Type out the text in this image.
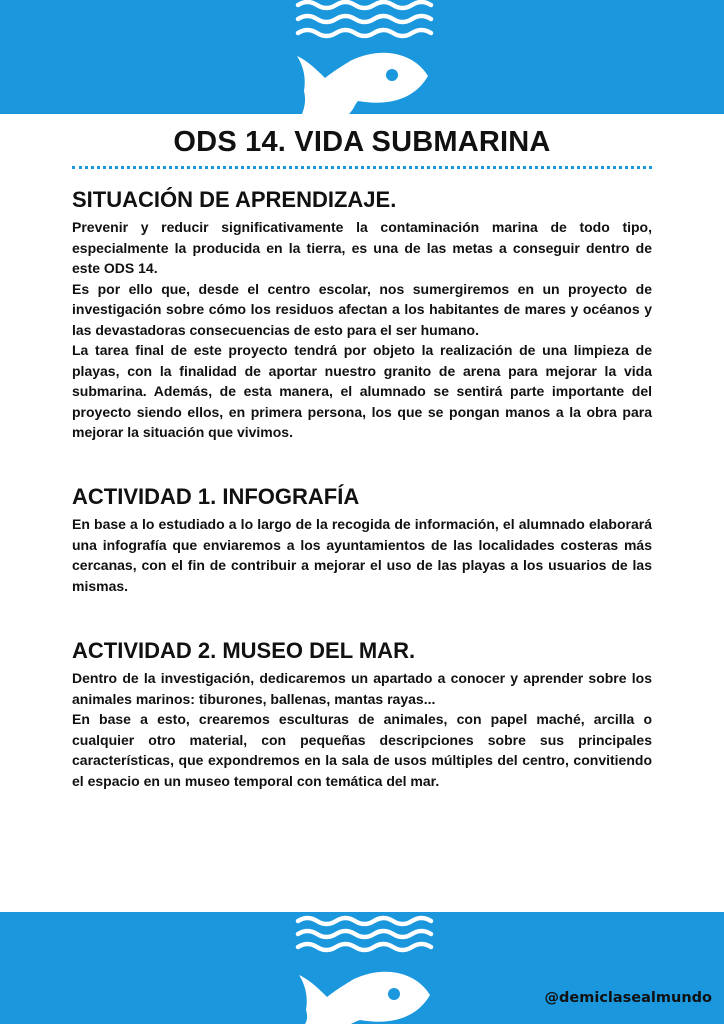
ODS 14. VIDA SUBMARINA
SITUACIÓN DE APRENDIZAJE.

Prevenir y reducir significativamente la contaminación marina de todo tipo, especialmente la producida en la tierra, es una de las metas a conseguir dentro de este ODS 14.

Es por ello que, desde el centro escolar, nos sumergiremos en un proyecto de investigación sobre cómo los residuos afectan a los habitantes de mares y océanos y las devastadoras consecuencias de esto para el ser humano.

La tarea final de este proyecto tendrá por objeto la realización de una limpieza de playas, con la finalidad de aportar nuestro granito de arena para mejorar la vida submarina. Además, de esta manera, el alumnado se sentirá parte importante del proyecto siendo ellos, en primera persona, los que se pongan manos a la obra para mejorar la situación que vivimos.

ACTIVIDAD 1. INFOGRAFÍA

En base a lo estudiado a lo largo de la recogida de información, el alumnado elaborará una infografía que enviaremos a los ayuntamientos de las localidades costeras más cercanas, con el fin de contribuir a mejorar el uso de las playas a los usuarios de las mismas.

ACTIVIDAD 2. MUSEO DEL MAR.

Dentro de la investigación, dedicaremos un apartado a conocer y aprender sobre los animales marinos: tiburones, ballenas, mantas rayas...

En base a esto, crearemos esculturas de animales, con papel maché, arcilla o cualquier otro material, con pequeñas descripciones sobre sus principales características, que expondremos en la sala de usos múltiples del centro, convitiendo el espacio en un museo temporal con temática del mar.

@demiclasealmundo
